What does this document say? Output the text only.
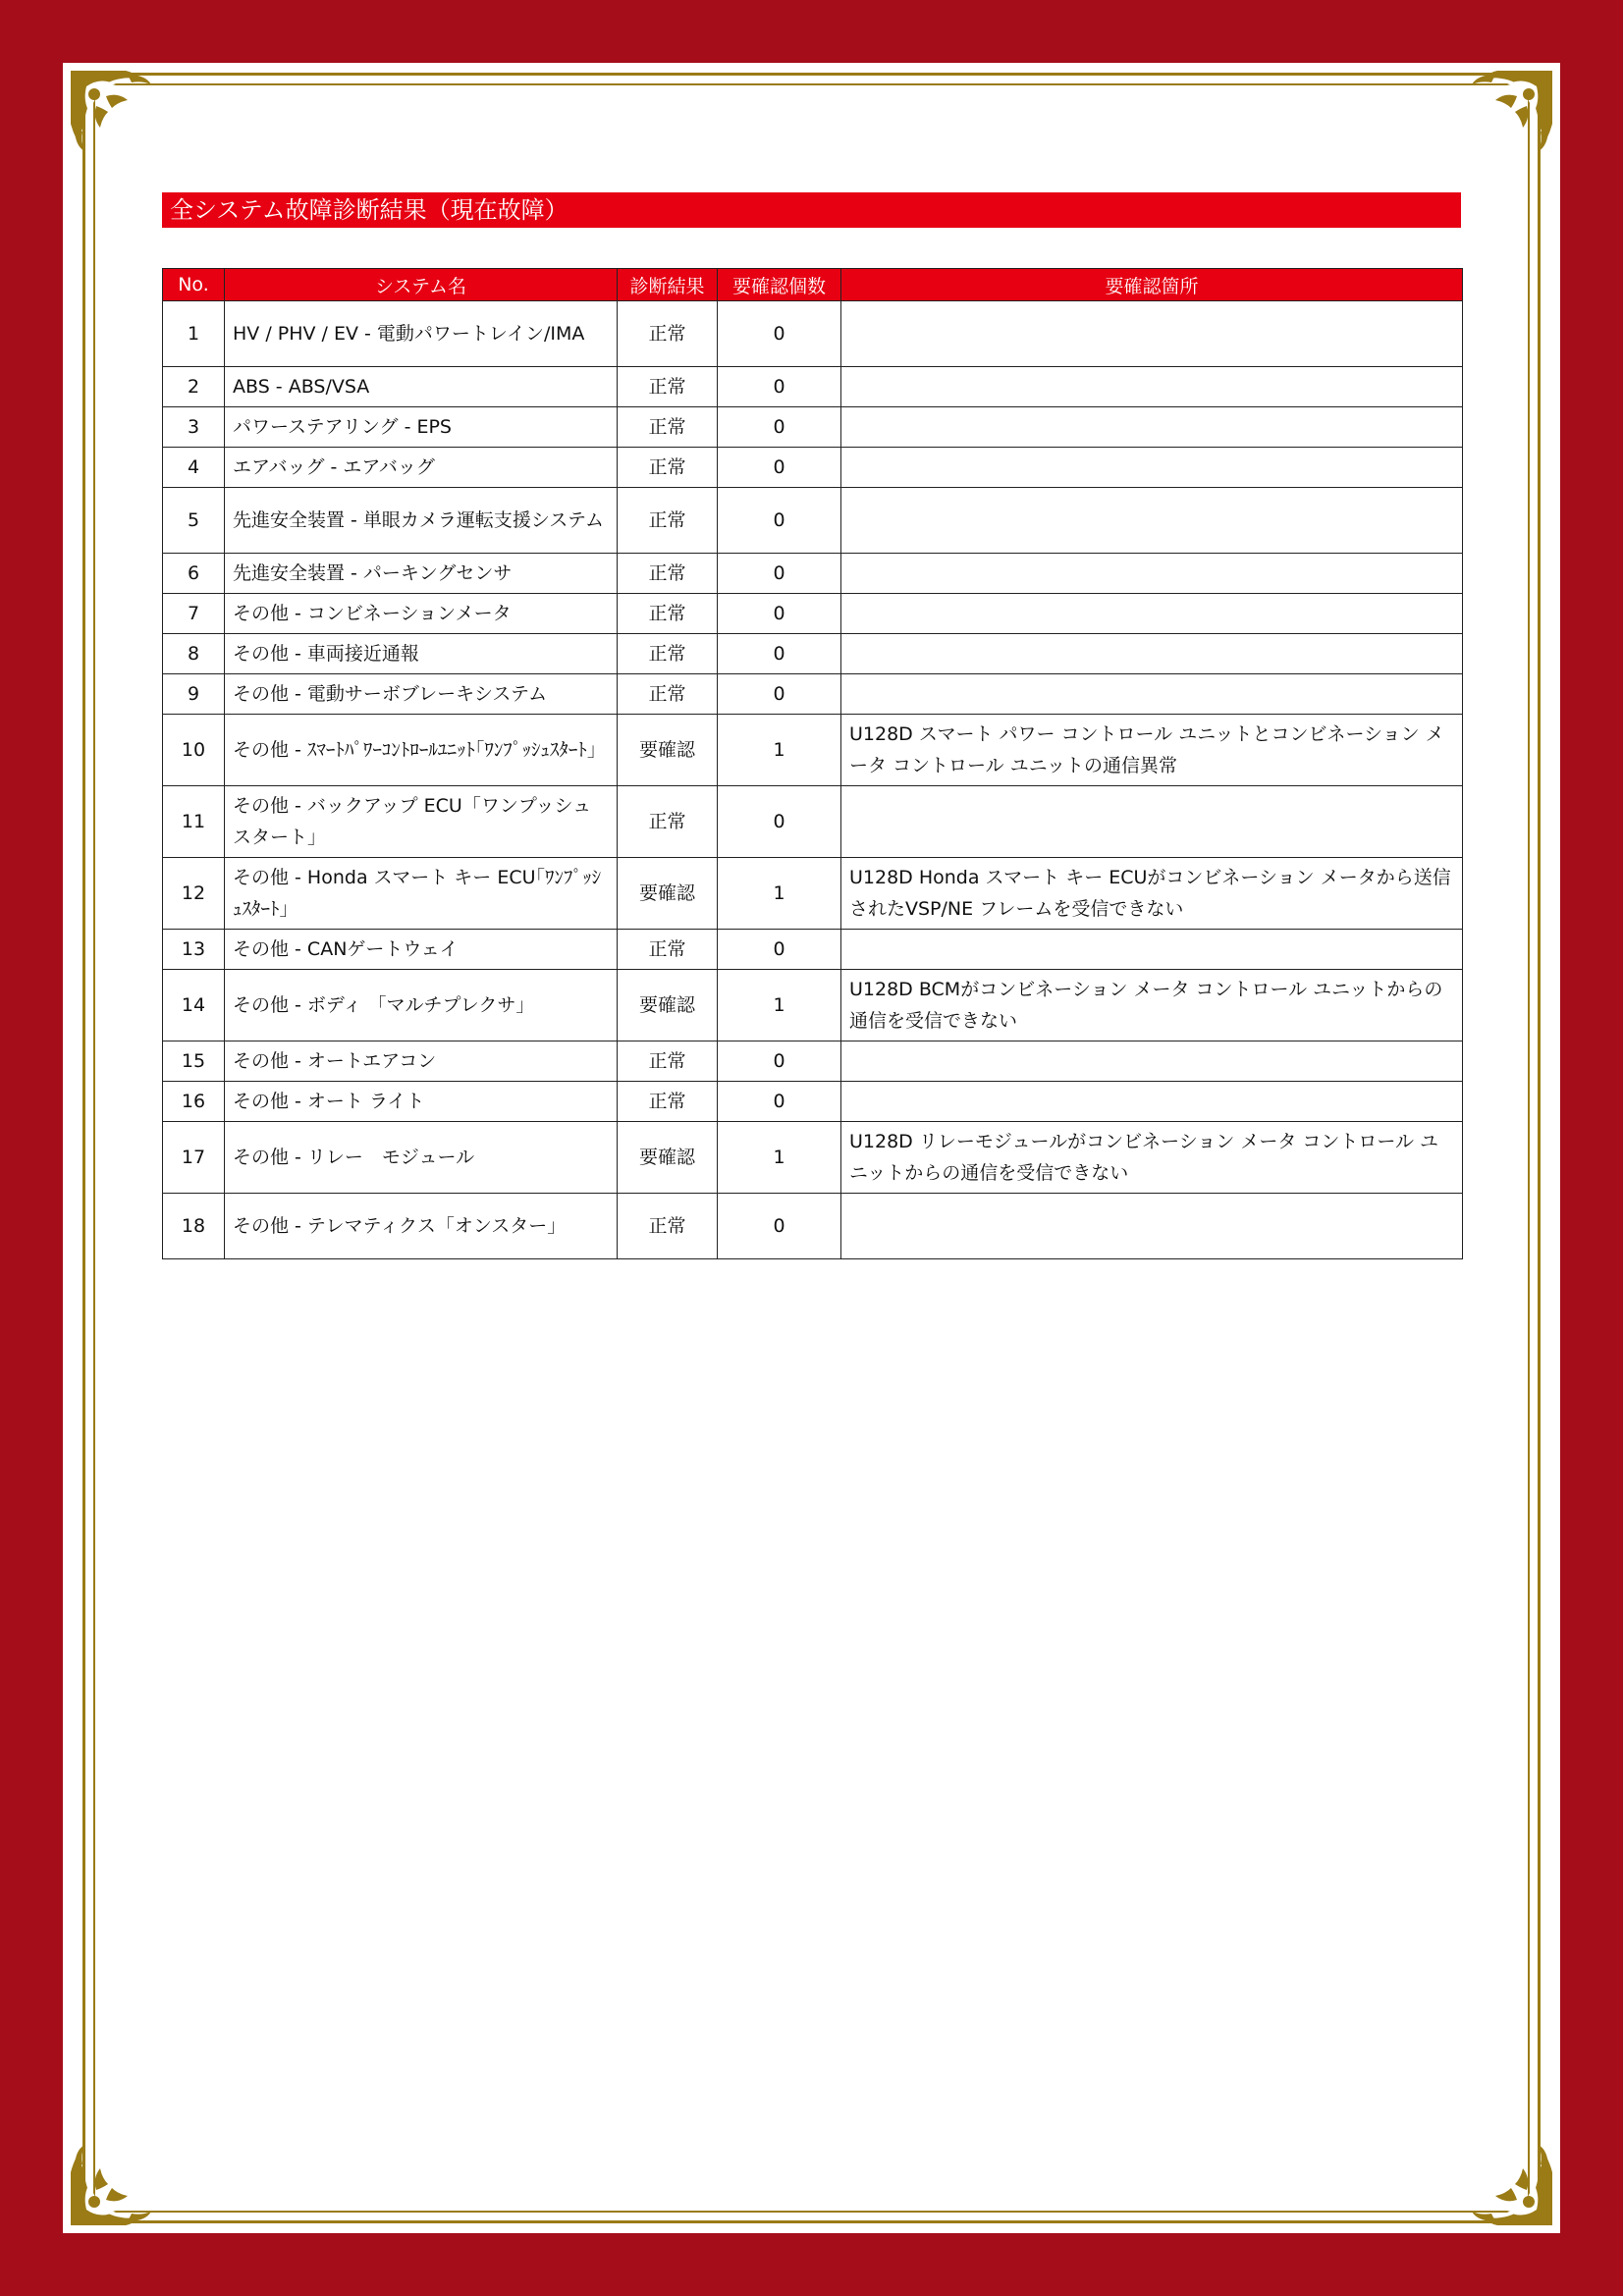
全システム故障診断結果（現在故障）
No.	システム名	診断結果	要確認個数	要確認箇所
1	HV / PHV / EV - 電動パワートレイン/IMA	正常	0	
2	ABS - ABS/VSA	正常	0	
3	パワーステアリング - EPS	正常	0	
4	エアバッグ - エアバッグ	正常	0	
5	先進安全装置 - 単眼カメラ運転支援システム	正常	0	
6	先進安全装置 - パーキングセンサ	正常	0	
7	その他 - コンビネーションメータ	正常	0	
8	その他 - 車両接近通報	正常	0	
9	その他 - 電動サーボブレーキシステム	正常	0	
10	その他 - ｽﾏｰﾄﾊﾟﾜｰｺﾝﾄﾛｰﾙﾕﾆｯﾄ｢ﾜﾝﾌﾟｯｼｭｽﾀｰﾄ｣	要確認	1	U128D スマート パワー コントロール ユニットとコンビネーション メータ コントロール ユニットの通信異常
11	その他 - バックアップ ECU「ワンプッシュスタート」	正常	0	
12	その他 - Honda スマート キー ECU｢ﾜﾝﾌﾟｯｼｭｽﾀｰﾄ｣	要確認	1	U128D Honda スマート キー ECUがコンビネーション メータから送信されたVSP/NE フレームを受信できない
13	その他 - CANゲートウェイ	正常	0	
14	その他 - ボディ 「マルチプレクサ」	要確認	1	U128D BCMがコンビネーション メータ コントロール ユニットからの通信を受信できない
15	その他 - オートエアコン	正常	0	
16	その他 - オート ライト	正常	0	
17	その他 - リレー　モジュール	要確認	1	U128D リレーモジュールがコンビネーション メータ コントロール ユニットからの通信を受信できない
18	その他 - テレマティクス「オンスター」	正常	0	
